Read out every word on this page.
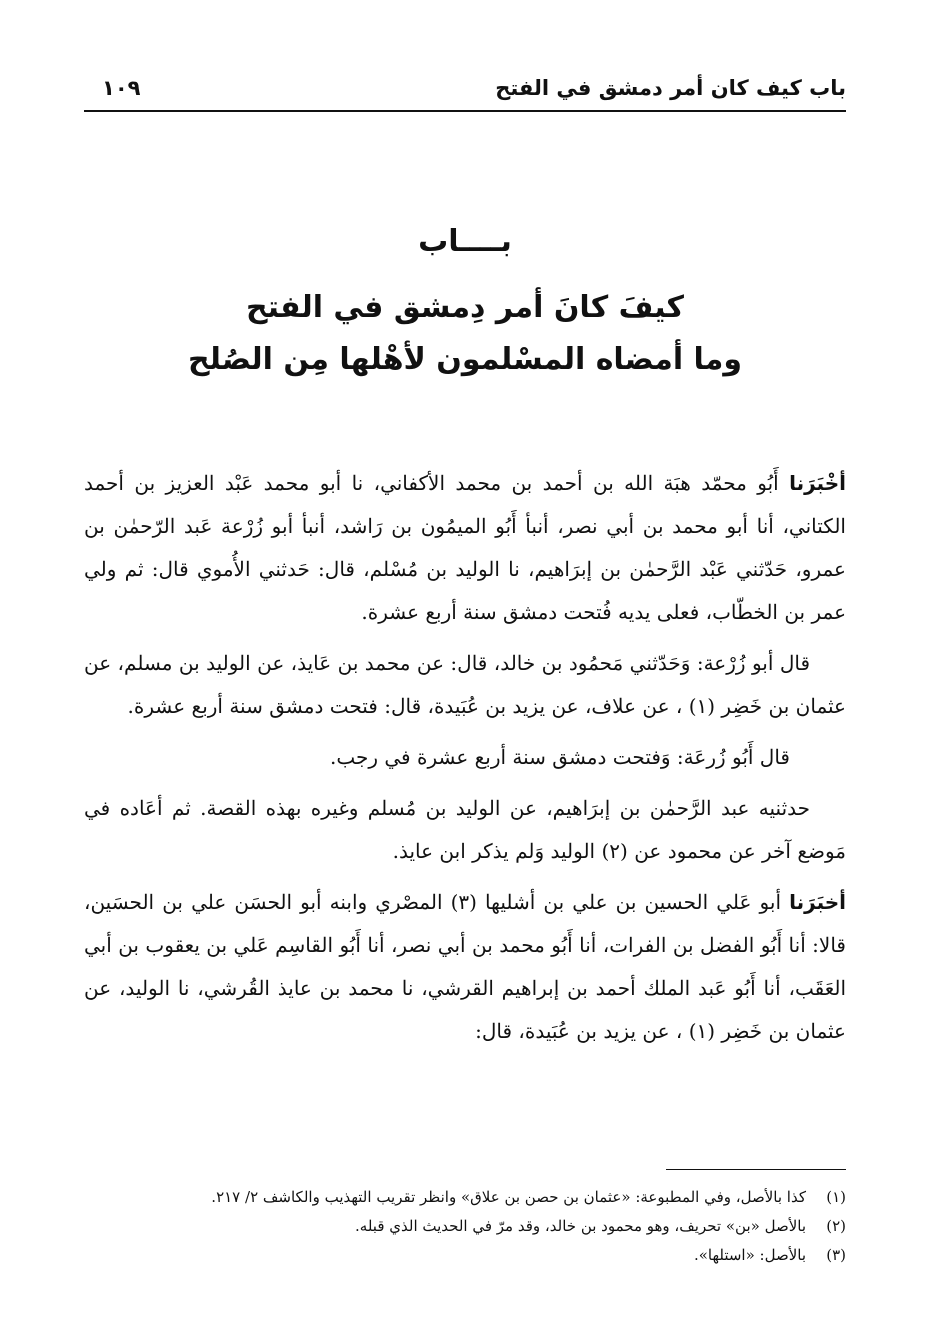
باب كيف كان أمر دمشق في الفتح
١٠٩
بــــاب
كيفَ كانَ أمر دِمشق في الفتح
وما أمضاه المسْلمون لأهْلها مِن الصُلح

أخْبَرَنا أَبُو محمّد هبَة الله بن أحمد بن محمد الأكفاني، نا أبو محمد عَبْد العزيز بن أحمد الكتاني، أنا أبو محمد بن أبي نصر، أنبأ أَبُو الميمُون بن رَاشد، أنبأ أبو زُرْعة عَبد الرّحمٰن بن عمرو، حَدّثني عَبْد الرَّحمٰن بن إبرَاهيم، نا الوليد بن مُسْلم، قال: حَدثني الأُموي قال: ثم ولي عمر بن الخطّاب، فعلى يديه فُتحت دمشق سنة أربع عشرة.

قال أبو زُرْعة: وَحَدّثني مَحمُود بن خالد، قال: عن محمد بن عَايذ، عن الوليد بن مسلم، عن عثمان بن خَضِر (١) ، عن علاف، عن يزيد بن عُبَيدة، قال: فتحت دمشق سنة أربع عشرة.

قال أَبُو زُرعَة: وَفتحت دمشق سنة أربع عشرة في رجب.

حدثنيه عبد الرَّحمٰن بن إبرَاهيم، عن الوليد بن مُسلم وغيره بهذه القصة. ثم أعَاده في مَوضع آخر عن محمود عن (٢) الوليد وَلم يذكر ابن عايذ.

أخبَرَنا أبو عَلي الحسين بن علي بن أشليها (٣) المصْري وابنه أبو الحسَن علي بن الحسَين، قالا: أنا أَبُو الفضل بن الفرات، أنا أَبُو محمد بن أبي نصر، أنا أَبُو القاسِم عَلي بن يعقوب بن أبي العَقَب، أنا أَبُو عَبد الملك أحمد بن إبراهيم القرشي، نا محمد بن عايذ القُرشي، نا الوليد، عن عثمان بن خَضِر (١) ، عن يزيد بن عُبَيدة، قال:

(١)
كذا بالأصل، وفي المطبوعة: «عثمان بن حصن بن علاق» وانظر تقريب التهذيب والكاشف ٢/ ٢١٧.
(٢)
بالأصل «بن» تحريف، وهو محمود بن خالد، وقد مرّ في الحديث الذي قبله.
(٣)
بالأصل: «استلها».
